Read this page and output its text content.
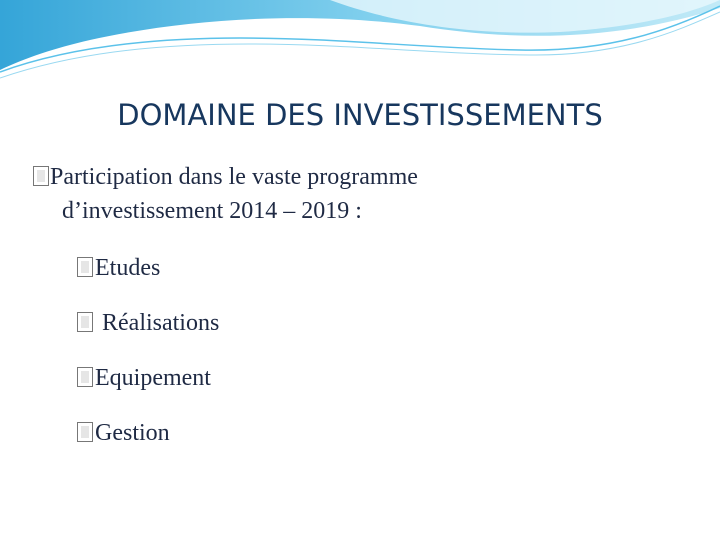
DOMAINE DES INVESTISSEMENTS
Participation dans le vaste programme
d’investissement 2014 – 2019 :
Etudes
Réalisations
Equipement
Gestion
